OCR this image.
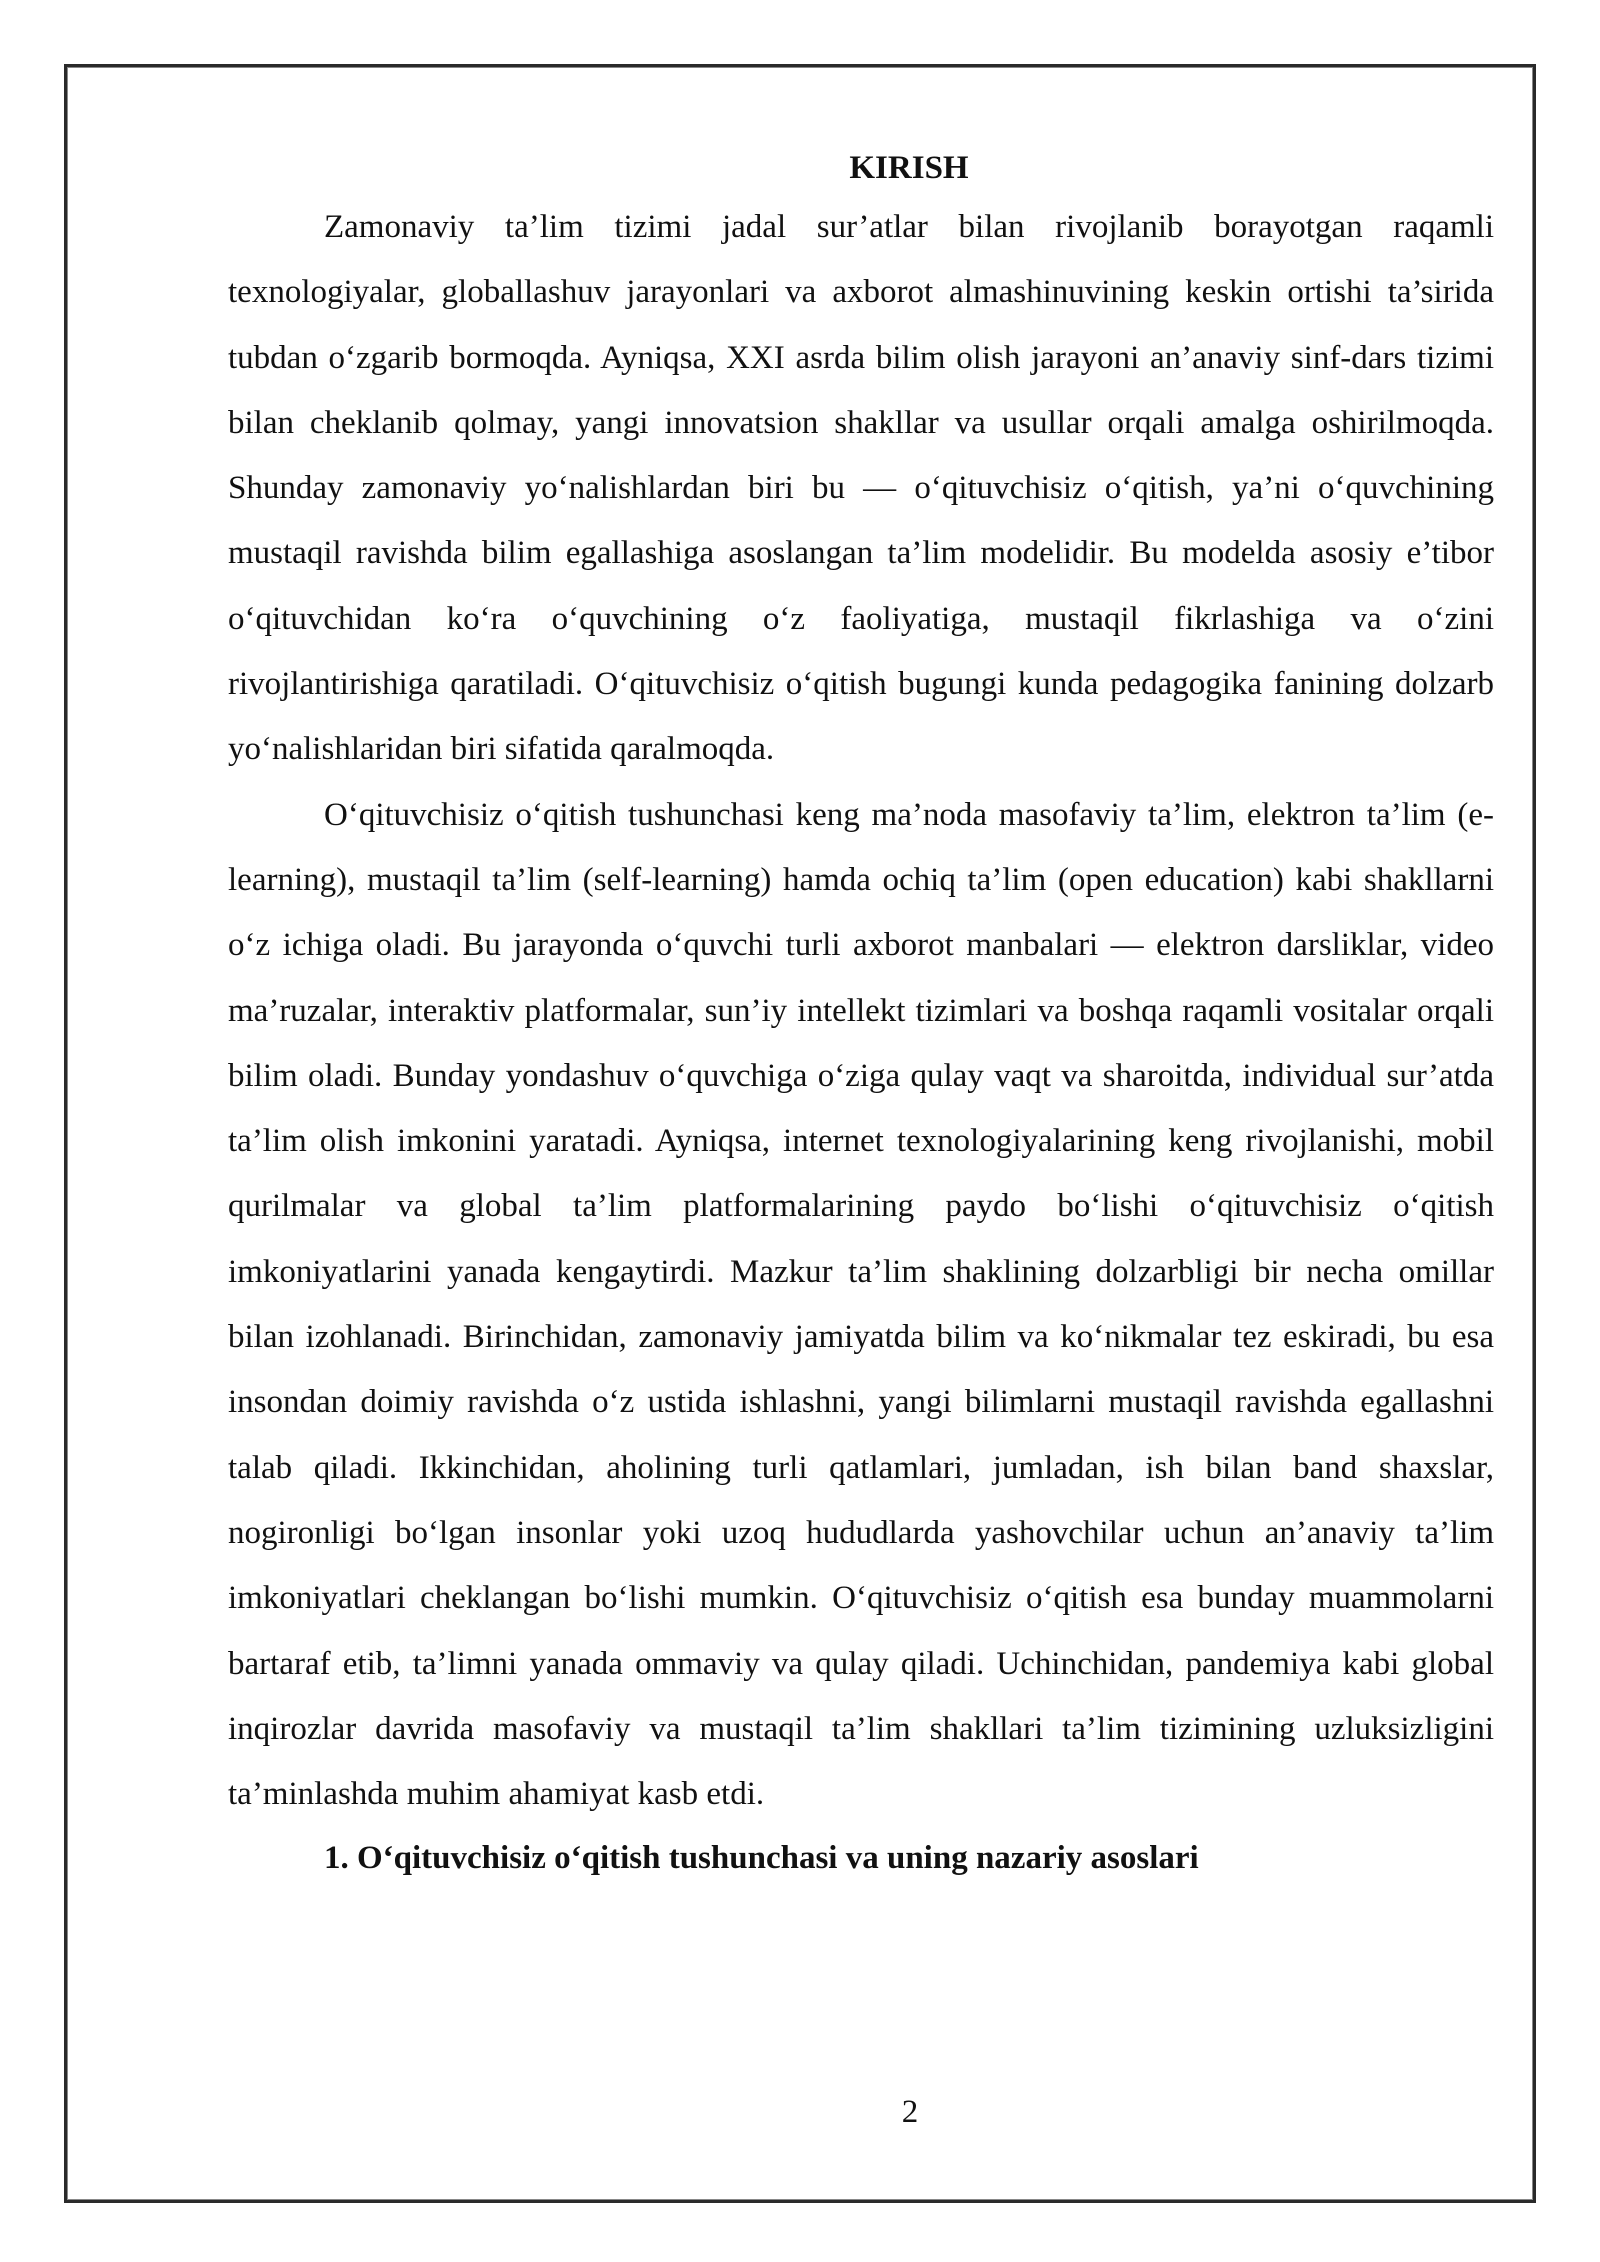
KIRISH

Zamonaviy ta’lim tizimi jadal sur’atlar bilan rivojlanib borayotgan raqamli texnologiyalar, globallashuv jarayonlari va axborot almashinuvining keskin ortishi ta’sirida tubdan o‘zgarib bormoqda. Ayniqsa, XXI asrda bilim olish jarayoni an’anaviy sinf-dars tizimi bilan cheklanib qolmay, yangi innovatsion shakllar va usullar orqali amalga oshirilmoqda. Shunday zamonaviy yo‘nalishlardan biri bu — o‘qituvchisiz o‘qitish, ya’ni o‘quvchining mustaqil ravishda bilim egallashiga asoslangan ta’lim modelidir. Bu modelda asosiy e’tibor o‘qituvchidan ko‘ra o‘quvchining o‘z faoliyatiga, mustaqil fikrlashiga va o‘zini rivojlantirishiga qaratiladi. O‘qituvchisiz o‘qitish bugungi kunda pedagogika fanining dolzarb yo‘nalishlaridan biri sifatida qaralmoqda.

O‘qituvchisiz o‘qitish tushunchasi keng ma’noda masofaviy ta’lim, elektron ta’lim (e-learning), mustaqil ta’lim (self-learning) hamda ochiq ta’lim (open education) kabi shakllarni o‘z ichiga oladi. Bu jarayonda o‘quvchi turli axborot manbalari — elektron darsliklar, video ma’ruzalar, interaktiv platformalar, sun’iy intellekt tizimlari va boshqa raqamli vositalar orqali bilim oladi. Bunday yondashuv o‘quvchiga o‘ziga qulay vaqt va sharoitda, individual sur’atda ta’lim olish imkonini yaratadi. Ayniqsa, internet texnologiyalarining keng rivojlanishi, mobil qurilmalar va global ta’lim platformalarining paydo bo‘lishi o‘qituvchisiz o‘qitish imkoniyatlarini yanada kengaytirdi. Mazkur ta’lim shaklining dolzarbligi bir necha omillar bilan izohlanadi. Birinchidan, zamonaviy jamiyatda bilim va ko‘nikmalar tez eskiradi, bu esa insondan doimiy ravishda o‘z ustida ishlashni, yangi bilimlarni mustaqil ravishda egallashni talab qiladi. Ikkinchidan, aholining turli qatlamlari, jumladan, ish bilan band shaxslar, nogironligi bo‘lgan insonlar yoki uzoq hududlarda yashovchilar uchun an’anaviy ta’lim imkoniyatlari cheklangan bo‘lishi mumkin. O‘qituvchisiz o‘qitish esa bunday muammolarni bartaraf etib, ta’limni yanada ommaviy va qulay qiladi. Uchinchidan, pandemiya kabi global inqirozlar davrida masofaviy va mustaqil ta’lim shakllari ta’lim tizimining uzluksizligini ta’minlashda muhim ahamiyat kasb etdi.

1. O‘qituvchisiz o‘qitish tushunchasi va uning nazariy asoslari

2
